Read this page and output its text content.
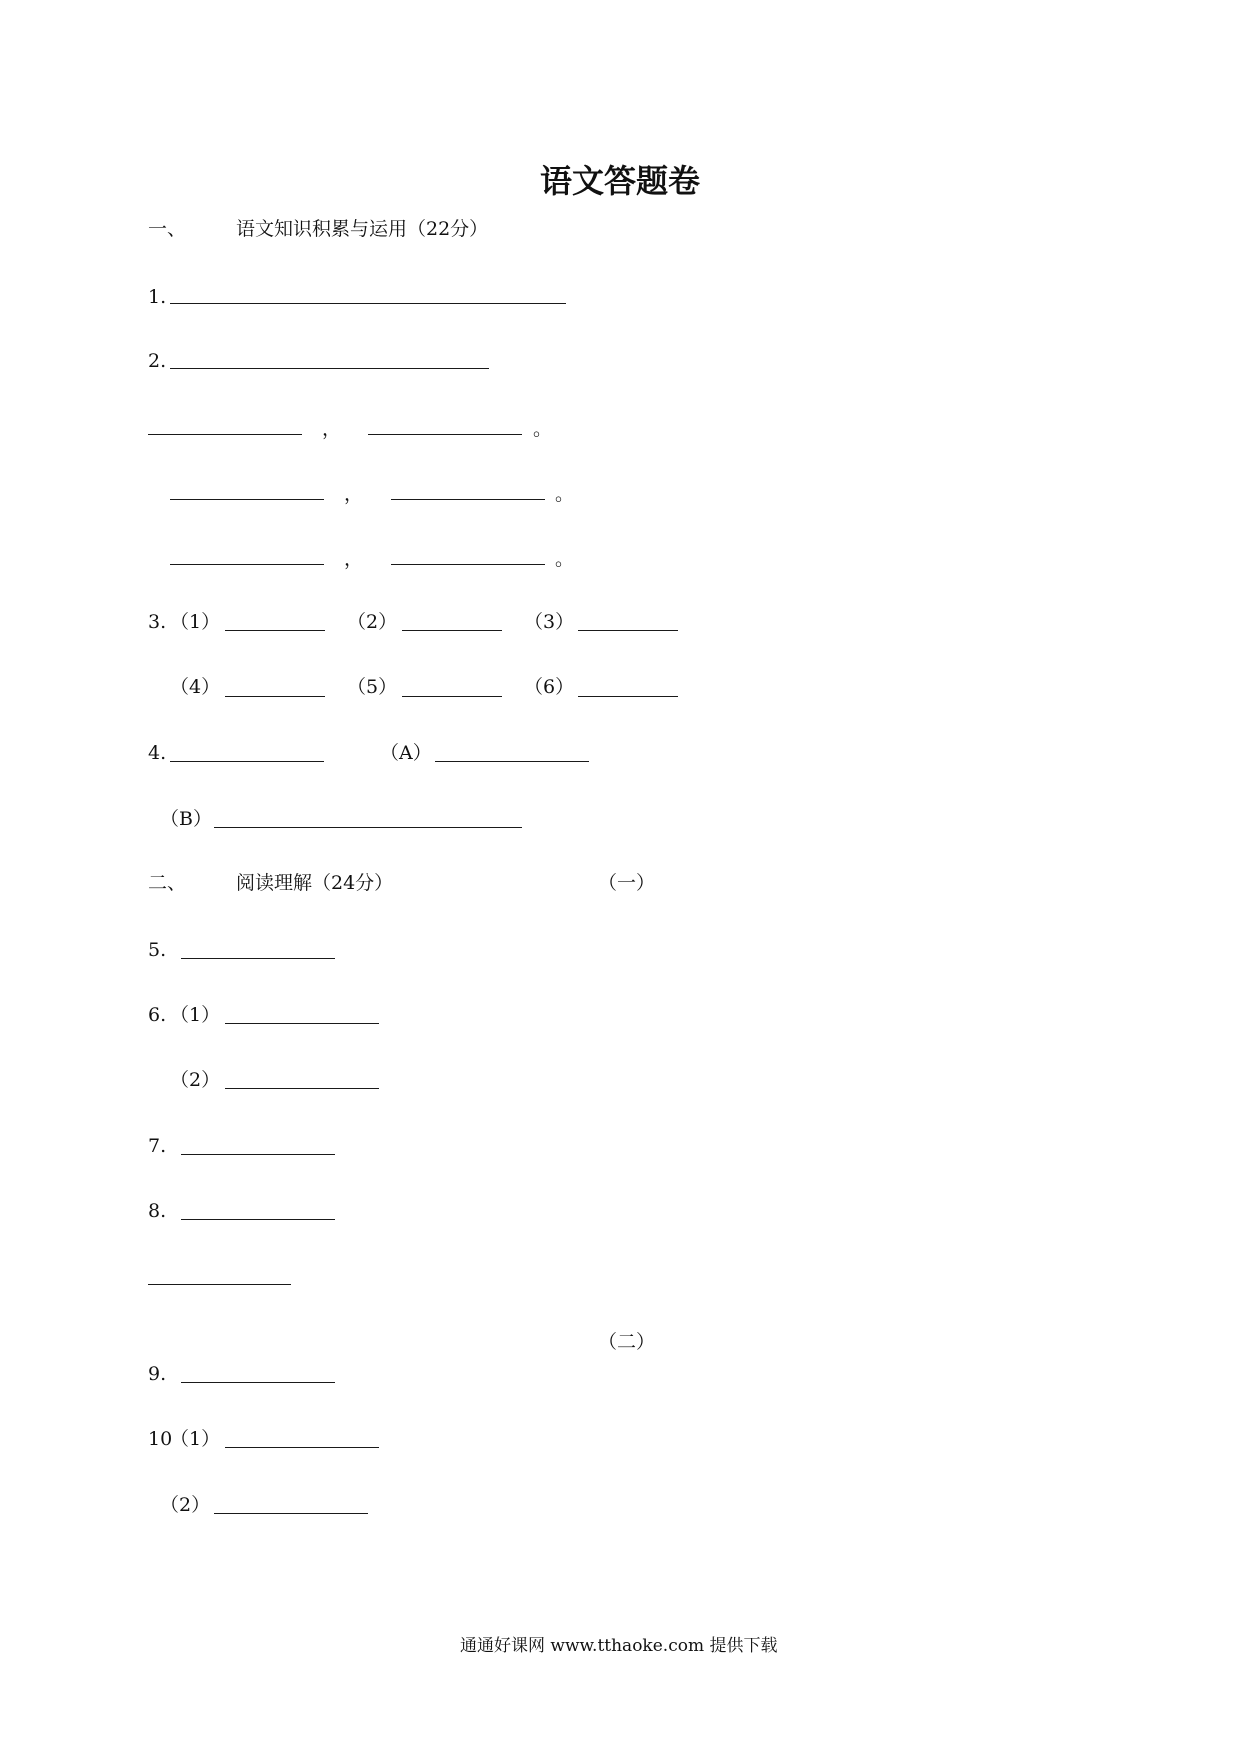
语文答题卷
一、	语文知识积累与运用（22分）
1.
2.
，	。
，	。
，	。
3. （1）	（2）	（3）
（4）	（5）	（6）
4.	（A）
（B）
二、	阅读理解（24分）	（一）
5.
6. （1）
（2）
7.
8.
（二）
9.
10
（1）
（2）
通通好课网 www.tthaoke.com 提供下载
